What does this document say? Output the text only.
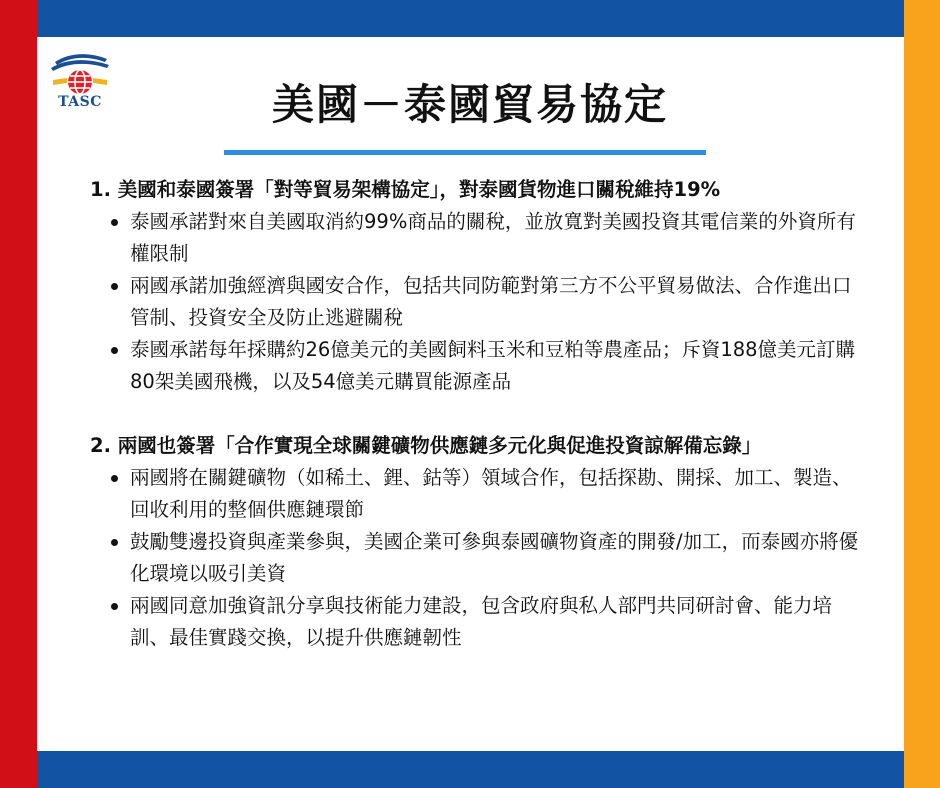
TASC	美國－泰國貿易協定

1. 美國和泰國簽署「對等貿易架構協定」，對泰國貨物進口關稅維持19%

泰國承諾對來自美國取消約99%商品的關稅，並放寬對美國投資其電信業的外資所有權限制
兩國承諾加強經濟與國安合作，包括共同防範對第三方不公平貿易做法、合作進出口管制、投資安全及防止逃避關稅
泰國承諾每年採購約26億美元的美國飼料玉米和豆粕等農產品；斥資188億美元訂購80架美國飛機，以及54億美元購買能源產品

2. 兩國也簽署「合作實現全球關鍵礦物供應鏈多元化與促進投資諒解備忘錄」

兩國將在關鍵礦物（如稀土、鋰、鈷等）領域合作，包括探勘、開採、加工、製造、回收利用的整個供應鏈環節
鼓勵雙邊投資與產業參與，美國企業可參與泰國礦物資產的開發/加工，而泰國亦將優化環境以吸引美資
兩國同意加強資訊分享與技術能力建設，包含政府與私人部門共同研討會、能力培訓、最佳實踐交換，以提升供應鏈韌性
